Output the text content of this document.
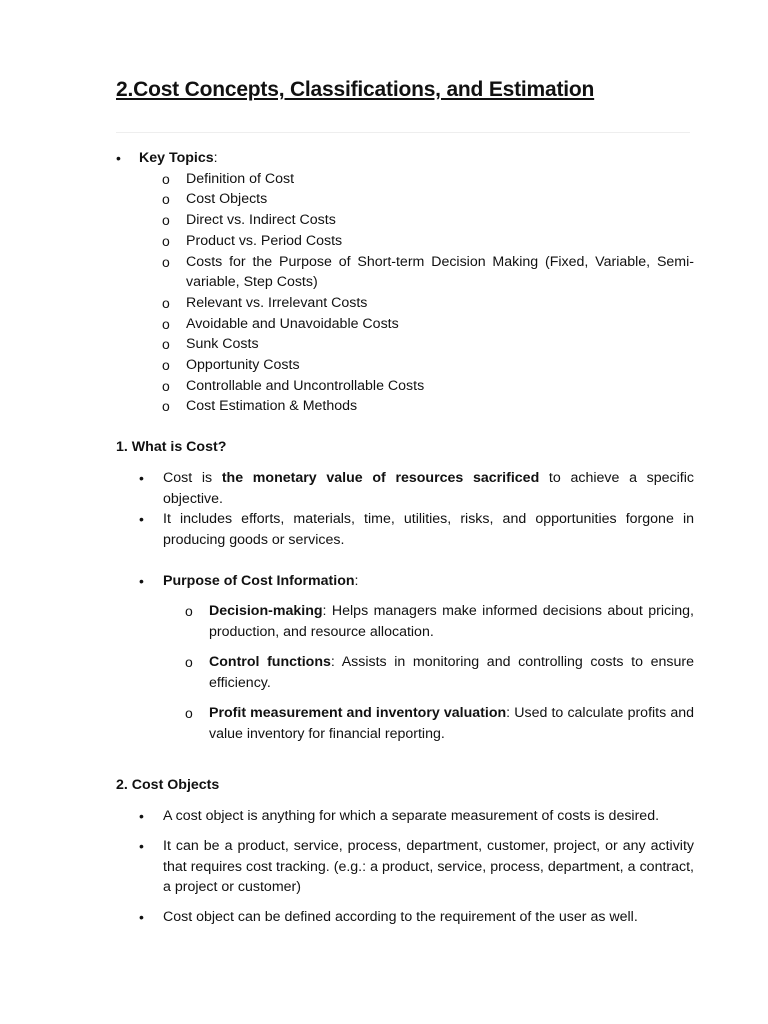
2.Cost Concepts, Classifications, and Estimation
• Key Topics:
o Definition of Cost
o Cost Objects
o Direct vs. Indirect Costs
o Product vs. Period Costs
o Costs for the Purpose of Short-term Decision Making (Fixed, Variable, Semi-variable, Step Costs)
o Relevant vs. Irrelevant Costs
o Avoidable and Unavoidable Costs
o Sunk Costs
o Opportunity Costs
o Controllable and Uncontrollable Costs
o Cost Estimation & Methods
1. What is Cost?
• Cost is the monetary value of resources sacrificed to achieve a specific objective.
• It includes efforts, materials, time, utilities, risks, and opportunities forgone in producing goods or services.
• Purpose of Cost Information:
o Decision-making: Helps managers make informed decisions about pricing, production, and resource allocation.
o Control functions: Assists in monitoring and controlling costs to ensure efficiency.
o Profit measurement and inventory valuation: Used to calculate profits and value inventory for financial reporting.
2. Cost Objects
• A cost object is anything for which a separate measurement of costs is desired.
• It can be a product, service, process, department, customer, project, or any activity that requires cost tracking. (e.g.: a product, service, process, department, a contract, a project or customer)
• Cost object can be defined according to the requirement of the user as well.
